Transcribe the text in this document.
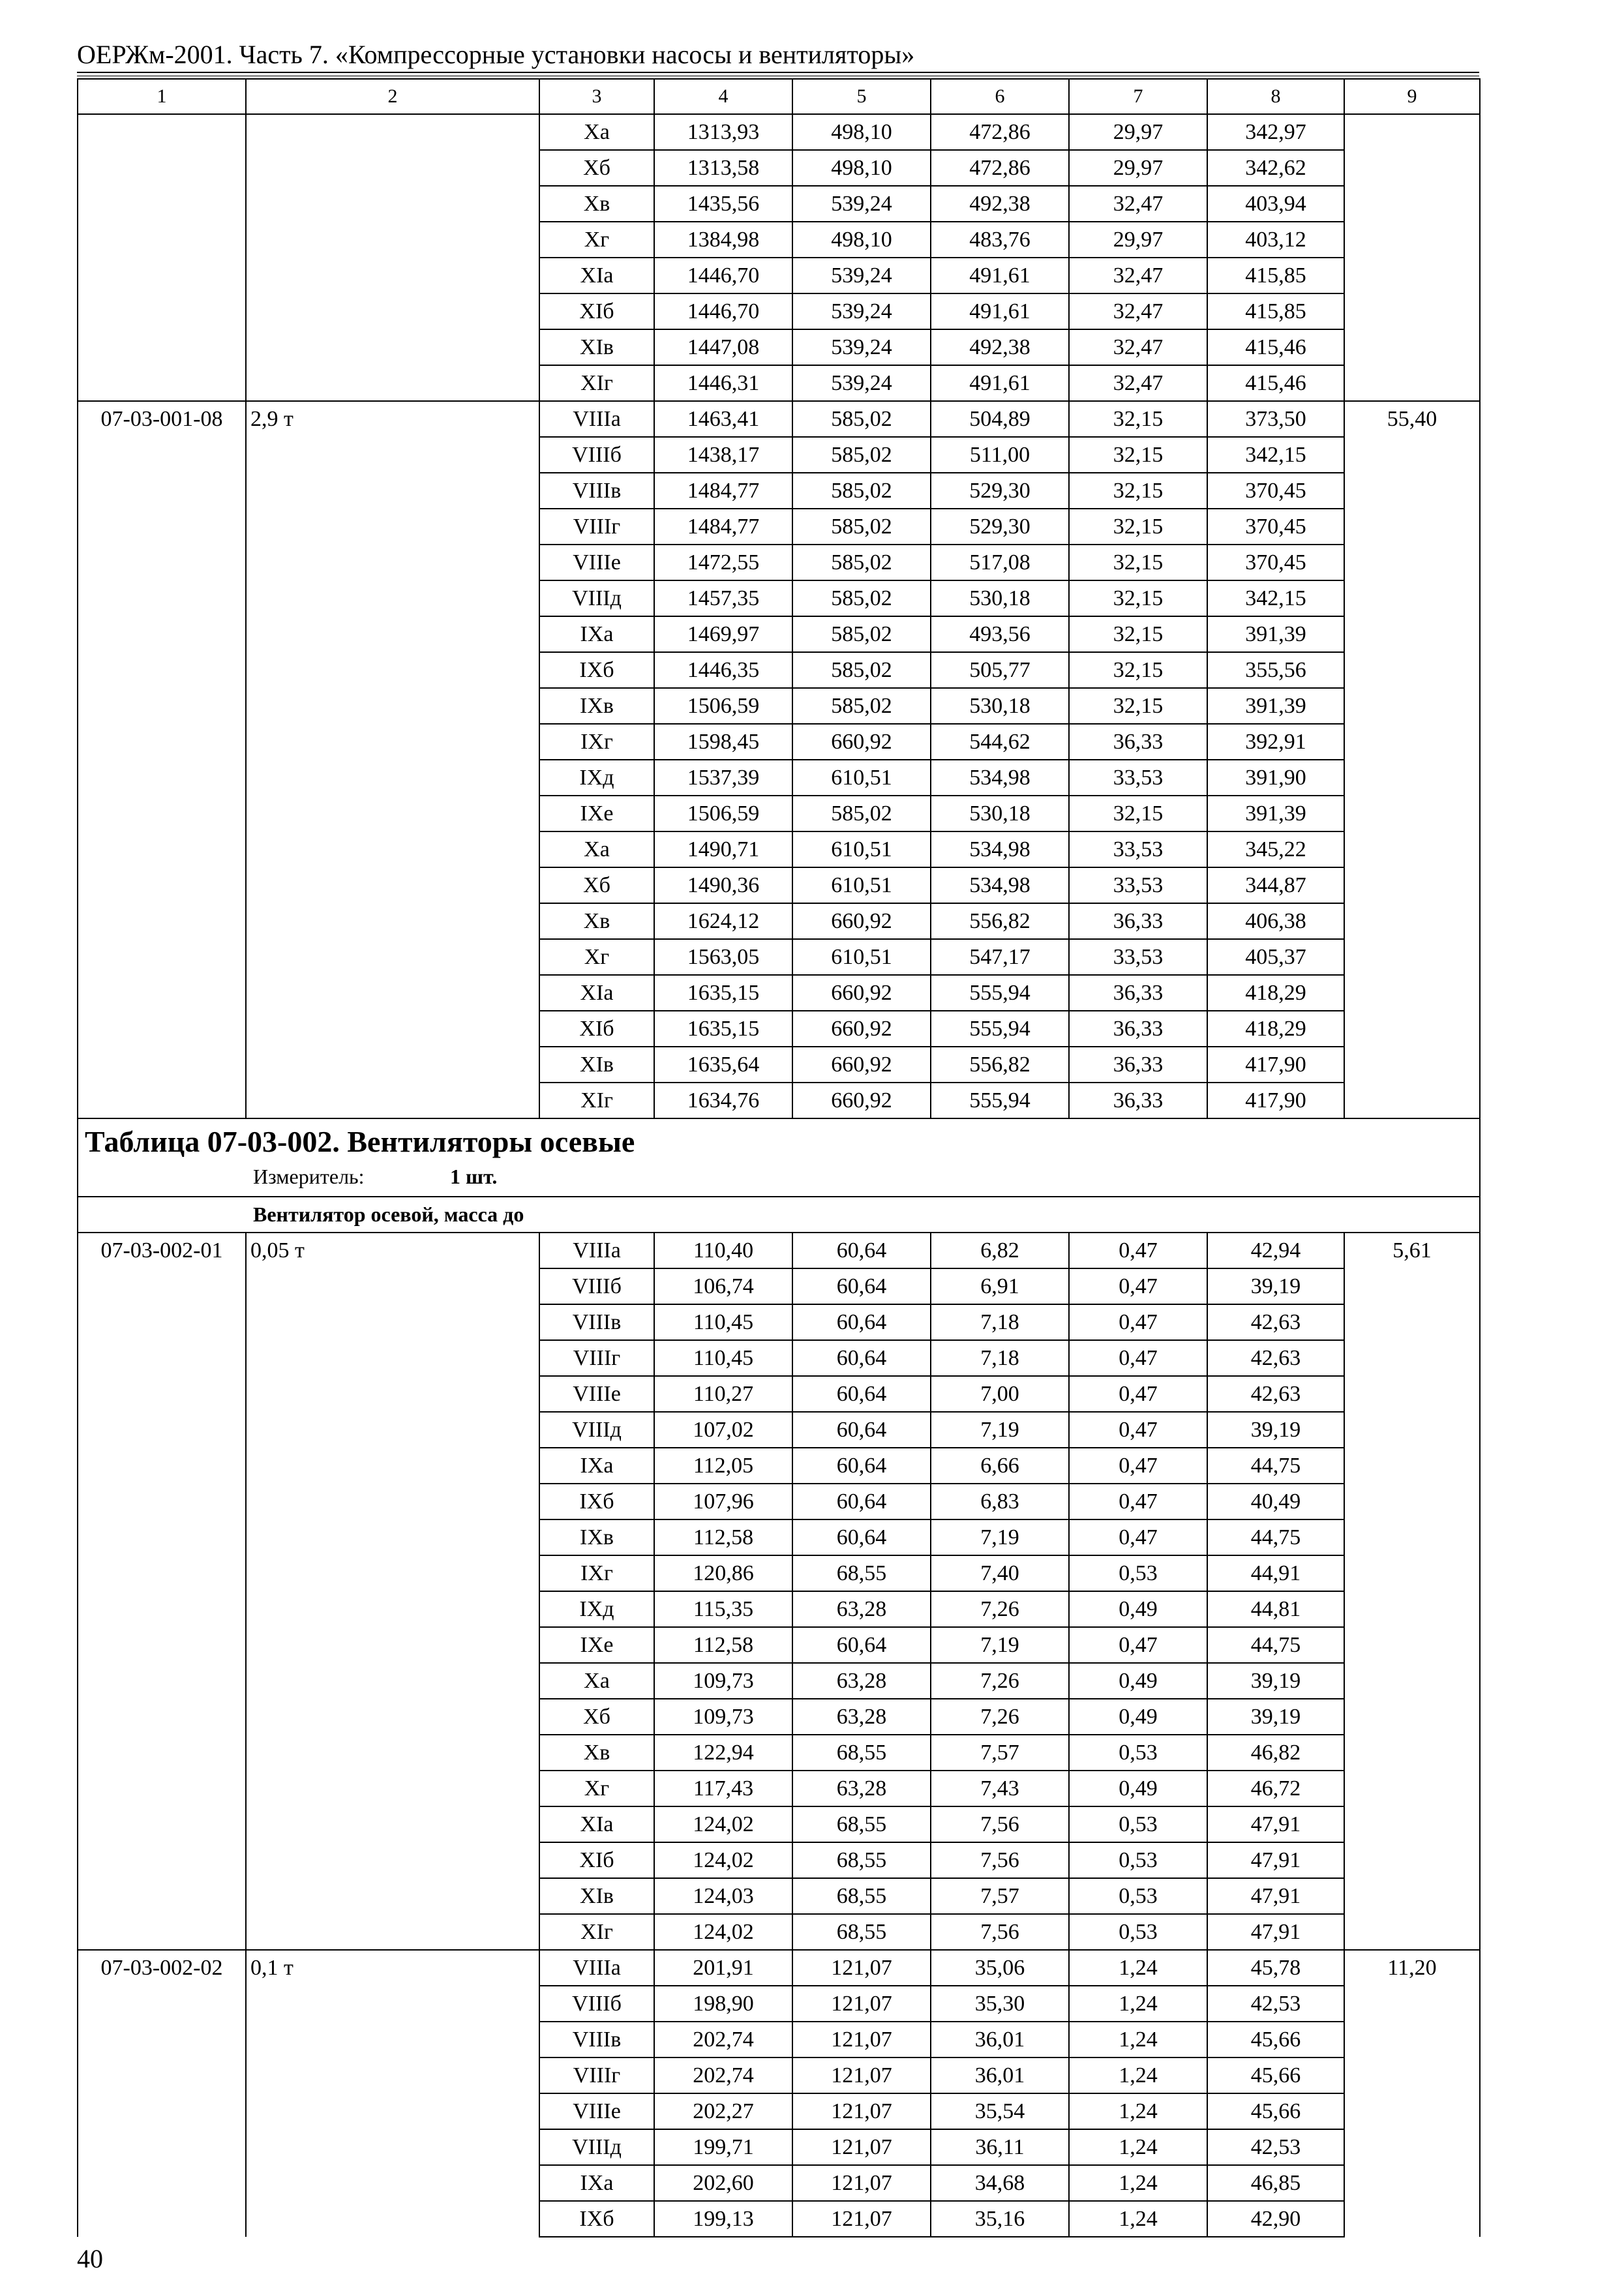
ОЕРЖм-2001. Часть 7. «Компрессорные установки насосы и вентиляторы»
1	2	3	4	5	6	7	8	9
		Ха	1313,93	498,10	472,86	29,97	342,97	
		Хб	1313,58	498,10	472,86	29,97	342,62	
		Хв	1435,56	539,24	492,38	32,47	403,94	
		Хг	1384,98	498,10	483,76	29,97	403,12	
		ХIа	1446,70	539,24	491,61	32,47	415,85	
		ХIб	1446,70	539,24	491,61	32,47	415,85	
		ХIв	1447,08	539,24	492,38	32,47	415,46	
		ХIг	1446,31	539,24	491,61	32,47	415,46	
07-03-001-08	2,9 т	VIIIа	1463,41	585,02	504,89	32,15	373,50	55,40
		VIIIб	1438,17	585,02	511,00	32,15	342,15	
		VIIIв	1484,77	585,02	529,30	32,15	370,45	
		VIIIг	1484,77	585,02	529,30	32,15	370,45	
		VIIIе	1472,55	585,02	517,08	32,15	370,45	
		VIIIд	1457,35	585,02	530,18	32,15	342,15	
		IХа	1469,97	585,02	493,56	32,15	391,39	
		IХб	1446,35	585,02	505,77	32,15	355,56	
		IХв	1506,59	585,02	530,18	32,15	391,39	
		IХг	1598,45	660,92	544,62	36,33	392,91	
		IХд	1537,39	610,51	534,98	33,53	391,90	
		IХе	1506,59	585,02	530,18	32,15	391,39	
		Ха	1490,71	610,51	534,98	33,53	345,22	
		Хб	1490,36	610,51	534,98	33,53	344,87	
		Хв	1624,12	660,92	556,82	36,33	406,38	
		Хг	1563,05	610,51	547,17	33,53	405,37	
		ХIа	1635,15	660,92	555,94	36,33	418,29	
		ХIб	1635,15	660,92	555,94	36,33	418,29	
		ХIв	1635,64	660,92	556,82	36,33	417,90	
		ХIг	1634,76	660,92	555,94	36,33	417,90	

Таблица 07-03-002. Вентиляторы осевые
Измеритель: 1 шт.								

Вентилятор осевой, масса до								
07-03-002-01	0,05 т	VIIIа	110,40	60,64	6,82	0,47	42,94	5,61
		VIIIб	106,74	60,64	6,91	0,47	39,19	
		VIIIв	110,45	60,64	7,18	0,47	42,63	
		VIIIг	110,45	60,64	7,18	0,47	42,63	
		VIIIе	110,27	60,64	7,00	0,47	42,63	
		VIIIд	107,02	60,64	7,19	0,47	39,19	
		IХа	112,05	60,64	6,66	0,47	44,75	
		IХб	107,96	60,64	6,83	0,47	40,49	
		IХв	112,58	60,64	7,19	0,47	44,75	
		IХг	120,86	68,55	7,40	0,53	44,91	
		IХд	115,35	63,28	7,26	0,49	44,81	
		IХе	112,58	60,64	7,19	0,47	44,75	
		Ха	109,73	63,28	7,26	0,49	39,19	
		Хб	109,73	63,28	7,26	0,49	39,19	
		Хв	122,94	68,55	7,57	0,53	46,82	
		Хг	117,43	63,28	7,43	0,49	46,72	
		ХIа	124,02	68,55	7,56	0,53	47,91	
		ХIб	124,02	68,55	7,56	0,53	47,91	
		ХIв	124,03	68,55	7,57	0,53	47,91	
		ХIг	124,02	68,55	7,56	0,53	47,91	
07-03-002-02	0,1 т	VIIIа	201,91	121,07	35,06	1,24	45,78	11,20
		VIIIб	198,90	121,07	35,30	1,24	42,53	
		VIIIв	202,74	121,07	36,01	1,24	45,66	
		VIIIг	202,74	121,07	36,01	1,24	45,66	
		VIIIе	202,27	121,07	35,54	1,24	45,66	
		VIIIд	199,71	121,07	36,11	1,24	42,53	
		IХа	202,60	121,07	34,68	1,24	46,85	
		IХб	199,13	121,07	35,16	1,24	42,90	
40
